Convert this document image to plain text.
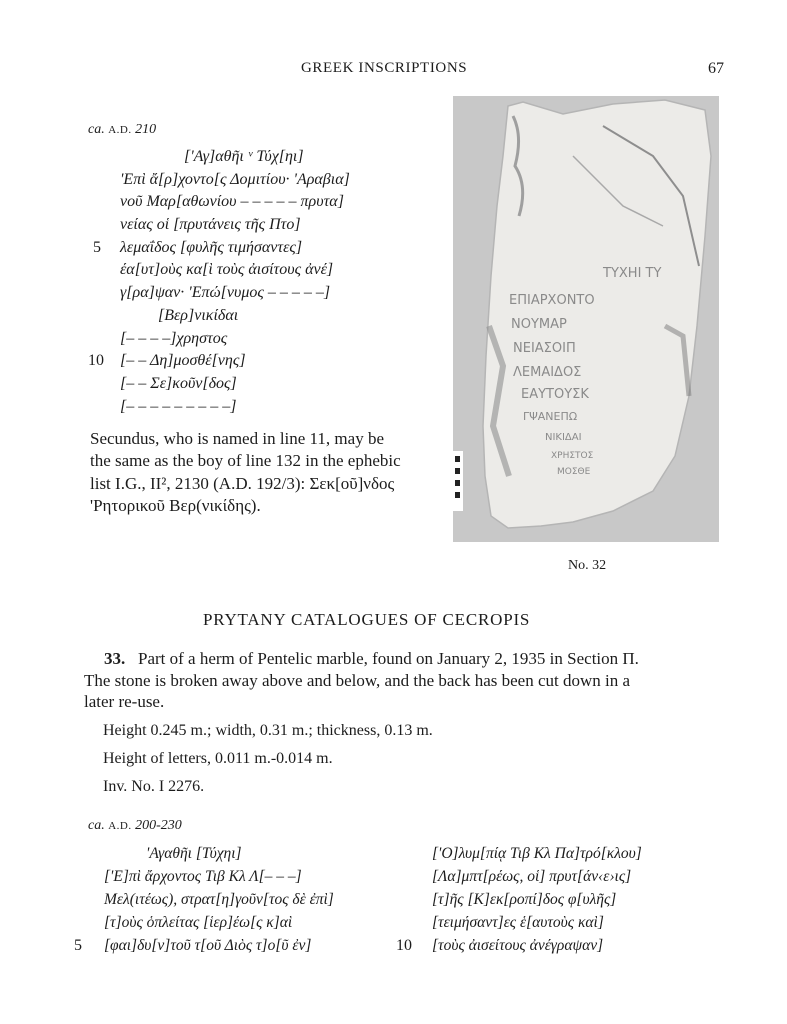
GREEK INSCRIPTIONS	67
ca. A.D. 210
['Αγ]αθῆι ᵛ Τύχ[ηι]
'Επὶ ἄ[ρ]χοντο[ς Δομιτίου· 'Αραβια]
νοῦ Μαρ[αθωνίου – – – – – πρυτα]
νείας οἱ [πρυτάνεις τῆς Πτο]
5 λεμαΐδος [φυλῆς τιμήσαντες]
έα[υτ]οὺς κα[ὶ τοὺς ἀισίτους ἀνέ]
γ[ρα]ψαν· 'Επώ[νυμος – – – – –]
[Βερ]νικίδαι
[– – – –]χρηστος
10 [– – Δη]μοσθέ[νης]
[– – Σε]κοῦν[δος]
[– – – – – – – – –]
Secundus, who is named in line 11, may be
the same as the boy of line 132 in the ephebic
list I.G., II², 2130 (A.D. 192/3): Σεκ[οῦ]νδος
'Ρητορικοῦ Βερ(νικίδης).
ΤΥΧΗΙ ΤΥ
ΕΠΙΑΡΧΟΝΤΟ
ΝΟΥΜΑΡ
ΝΕΙΑΣΟΙΠ
ΛΕΜΑΙΔΟΣ
ΕΑΥΤΟΥΣΚ
ΓΨΑΝΕΠΩ
ΝΙΚΙΔΑΙ
ΧΡΗΣΤΟΣ
ΜΟΣΘΕ
No. 32
PRYTANY CATALOGUES OF CECROPIS
33. Part of a herm of Pentelic marble, found on January 2, 1935 in Section Π.
The stone is broken away above and below, and the back has been cut down in a
later re-use.
Height 0.245 m.; width, 0.31 m.; thickness, 0.13 m.
Height of letters, 0.011 m.-0.014 m.
Inv. No. I 2276.
ca. A.D. 200-230
'Αγαθῆι [Τύχηι]
['Ε]πὶ ἄρχοντος Τιβ Κλ Λ[– – –]
Μελ(ιτέως), στρατ[η]γοῦν[τος δὲ ἐπὶ]
[τ]οὺς ὁπλείτας [ἱερ]έω[ς κ]αὶ
5 [φαι]δυ[ν]τοῦ τ[οῦ Διὸς τ]ο[ῦ ἐν]
['Ο]λυμ[πίᾳ Τιβ Κλ Πα]τρό[κλου]
[Λα]μπτ[ρέως, οἱ] πρυτ[άν‹ε›ις]
[τ]ῆς [Κ]εκ[ροπί]δος φ[υλῆς]
[τειμήσαντ]ες ἑ[αυτοὺς καὶ]
10 [τοὺς ἀισείτους ἀνέγραψαν]
